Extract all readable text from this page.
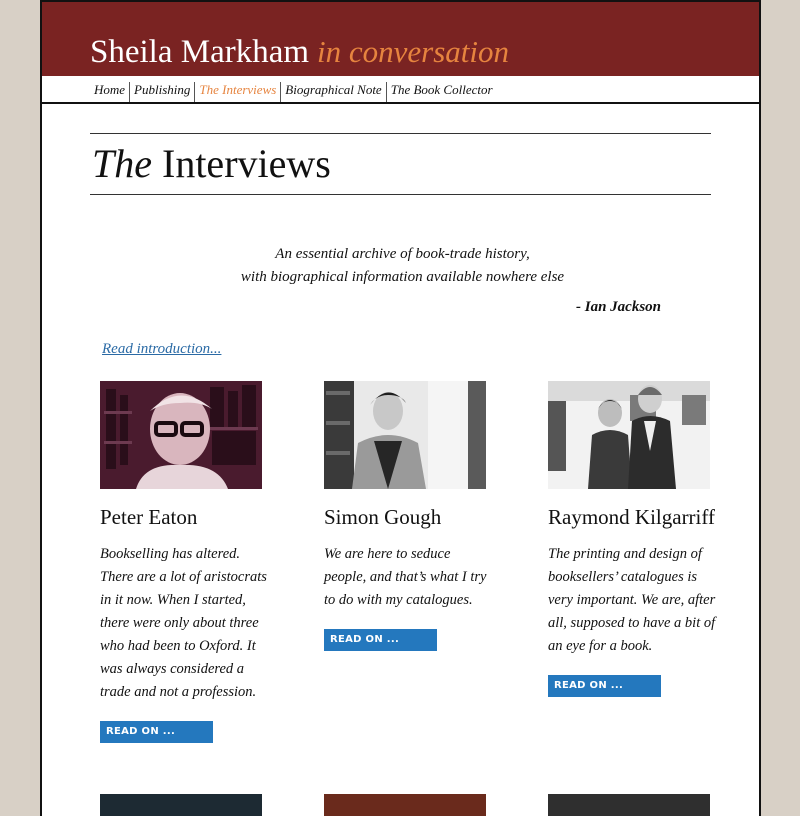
Sheila Markham in conversation
Home Publishing The Interviews Biographical Note The Book Collector
The Interviews
An essential archive of book-trade history,
with biographical information available nowhere else
- Ian Jackson
Read introduction...
Peter Eaton
Bookselling has altered. There are a lot of aristocrats in it now. When I started, there were only about three who had been to Oxford. It was always considered a trade and not a profession.
READ ON ...
Simon Gough
We are here to seduce people, and that’s what I try to do with my catalogues.
READ ON ...
Raymond Kilgarriff
The printing and design of booksellers’ catalogues is very important. We are, after all, supposed to have a bit of an eye for a book.
READ ON ...
